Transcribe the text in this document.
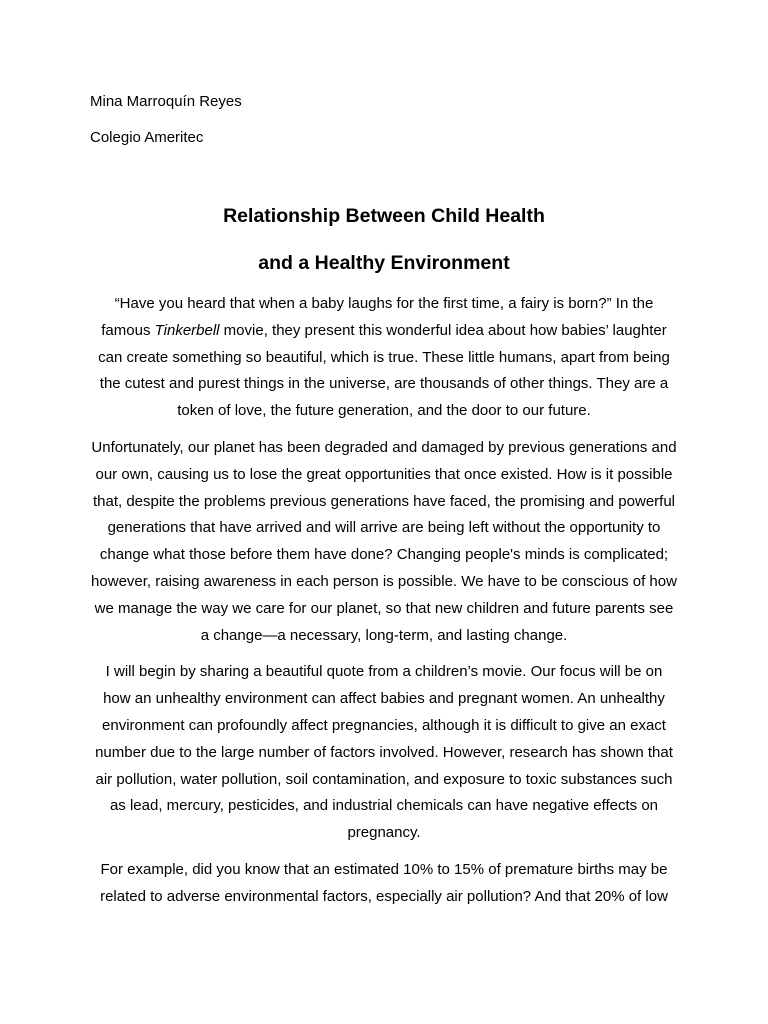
Mina Marroquín Reyes
Colegio Ameritec
Relationship Between Child Health
and a Healthy Environment

“Have you heard that when a baby laughs for the first time, a fairy is born?” In the famous Tinkerbell movie, they present this wonderful idea about how babies’ laughter can create something so beautiful, which is true. These little humans, apart from being the cutest and purest things in the universe, are thousands of other things. They are a token of love, the future generation, and the door to our future.

Unfortunately, our planet has been degraded and damaged by previous generations and our own, causing us to lose the great opportunities that once existed. How is it possible that, despite the problems previous generations have faced, the promising and powerful generations that have arrived and will arrive are being left without the opportunity to change what those before them have done? Changing people's minds is complicated; however, raising awareness in each person is possible. We have to be conscious of how we manage the way we care for our planet, so that new children and future parents see a change—a necessary, long-term, and lasting change.

I will begin by sharing a beautiful quote from a children’s movie. Our focus will be on how an unhealthy environment can affect babies and pregnant women. An unhealthy environment can profoundly affect pregnancies, although it is difficult to give an exact number due to the large number of factors involved. However, research has shown that air pollution, water pollution, soil contamination, and exposure to toxic substances such as lead, mercury, pesticides, and industrial chemicals can have negative effects on pregnancy.

For example, did you know that an estimated 10% to 15% of premature births may be related to adverse environmental factors, especially air pollution? And that 20% of low
